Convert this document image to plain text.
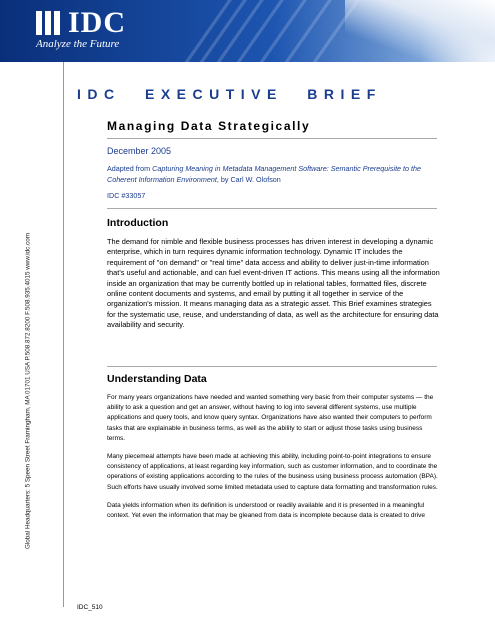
IDC
Analyze the Future
Global Headquarters: 5 Speen Street Framingham, MA 01701 USA P.508.872.8200 F.508.935.4015 www.idc.com
IDC EXECUTIVE BRIEF
Managing Data Strategically
December 2005
Adapted from Capturing Meaning in Metadata Management Software: Semantic Prerequisite to the Coherent Information Environment, by Carl W. Olofson
IDC #33057
Introduction
The demand for nimble and flexible business processes has driven interest in developing a dynamic enterprise, which in turn requires dynamic information technology. Dynamic IT includes the requirement of "on demand" or "real time" data access and ability to deliver just-in-time information that's useful and actionable, and can fuel event-driven IT actions. This means using all the information inside an organization that may be currently bottled up in relational tables, formatted files, discrete online content documents and systems, and email by putting it all together in service of the organization's mission. It means managing data as a strategic asset. This Brief examines strategies for the systematic use, reuse, and understanding of data, as well as the architecture for ensuring data availability and security.
Understanding Data

For many years organizations have needed and wanted something very basic from their computer systems — the ability to ask a question and get an answer, without having to log into several different systems, use multiple applications and query tools, and know query syntax. Organizations have also wanted their computers to perform tasks that are explainable in business terms, as well as the ability to start or adjust those tasks using business terms.

Many piecemeal attempts have been made at achieving this ability, including point-to-point integrations to ensure consistency of applications, at least regarding key information, such as customer information, and to coordinate the operations of existing applications according to the rules of the business using business process automation (BPA). Such efforts have usually involved some limited metadata used to capture data formatting and transformation rules.

Data yields information when its definition is understood or readily available and it is presented in a meaningful context. Yet even the information that may be gleaned from data is incomplete because data is created to drive

IDC_510
